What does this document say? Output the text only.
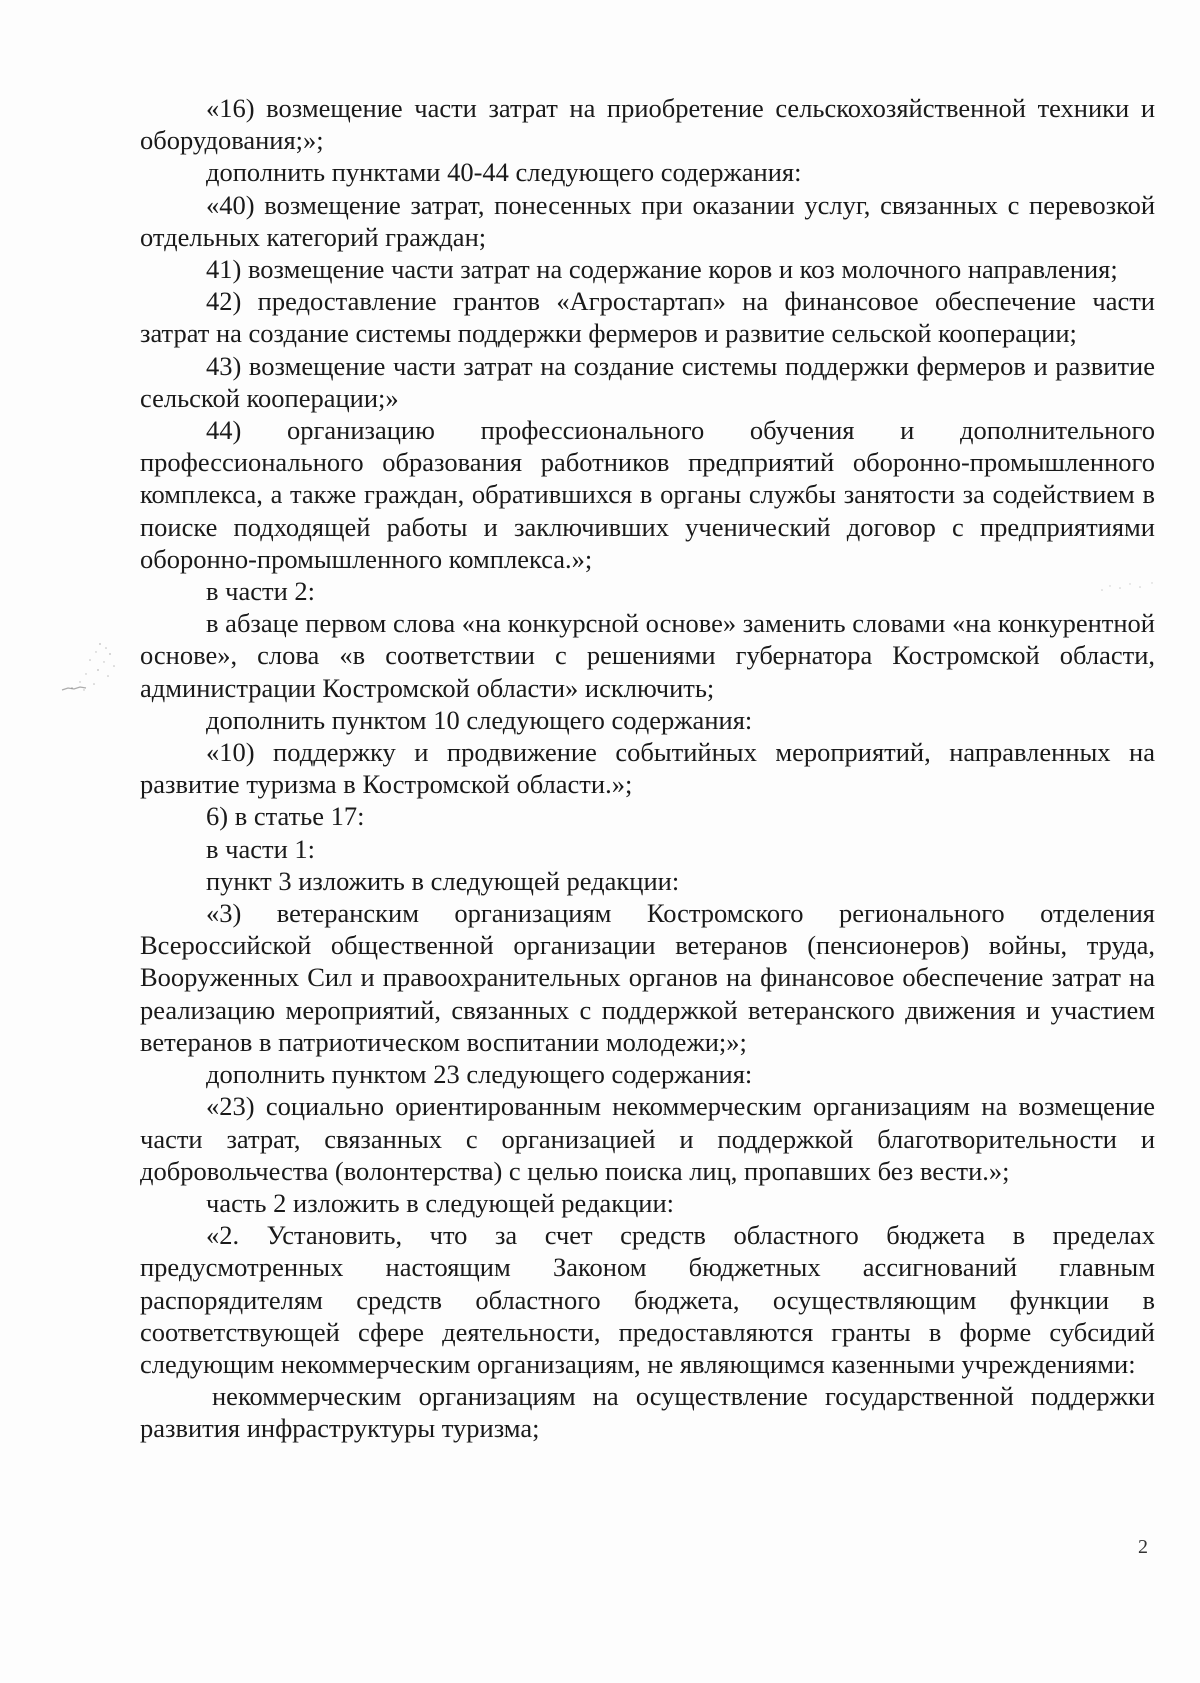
«16) возмещение части затрат на приобретение сельскохозяйственной техники и оборудования;»;

дополнить пунктами 40-44 следующего содержания:

«40) возмещение затрат, понесенных при оказании услуг, связанных с перевозкой отдельных категорий граждан;

41) возмещение части затрат на содержание коров и коз молочного направления;

42) предоставление грантов «Агростартап» на финансовое обеспечение части затрат на создание системы поддержки фермеров и развитие сельской кооперации;

43) возмещение части затрат на создание системы поддержки фермеров и развитие сельской кооперации;»

44) организацию профессионального обучения и дополнительного профессионального образования работников предприятий оборонно-промышленного комплекса, а также граждан, обратившихся в органы службы занятости за содействием в поиске подходящей работы и заключивших ученический договор с предприятиями оборонно-промышленного комплекса.»;

в части 2:

в абзаце первом слова «на конкурсной основе» заменить словами «на конкурентной основе», слова «в соответствии с решениями губернатора Костромской области, администрации Костромской области» исключить;

дополнить пунктом 10 следующего содержания:

«10) поддержку и продвижение событийных мероприятий, направленных на развитие туризма в Костромской области.»;

6) в статье 17:

в части 1:

пункт 3 изложить в следующей редакции:

«3) ветеранским организациям Костромского регионального отделения Всероссийской общественной организации ветеранов (пенсионеров) войны, труда, Вооруженных Сил и правоохранительных органов на финансовое обеспечение затрат на реализацию мероприятий, связанных с поддержкой ветеранского движения и участием ветеранов в патриотическом воспитании молодежи;»;

дополнить пунктом 23 следующего содержания:

«23) социально ориентированным некоммерческим организациям на возмещение части затрат, связанных с организацией и поддержкой благотворительности и добровольчества (волонтерства) с целью поиска лиц, пропавших без вести.»;

часть 2 изложить в следующей редакции:

«2. Установить, что за счет средств областного бюджета в пределах предусмотренных настоящим Законом бюджетных ассигнований главным распорядителям средств областного бюджета, осуществляющим функции в соответствующей сфере деятельности, предоставляются гранты в форме субсидий следующим некоммерческим организациям, не являющимся казенными учреждениями:

некоммерческим организациям на осуществление государственной поддержки развития инфраструктуры туризма;

2
